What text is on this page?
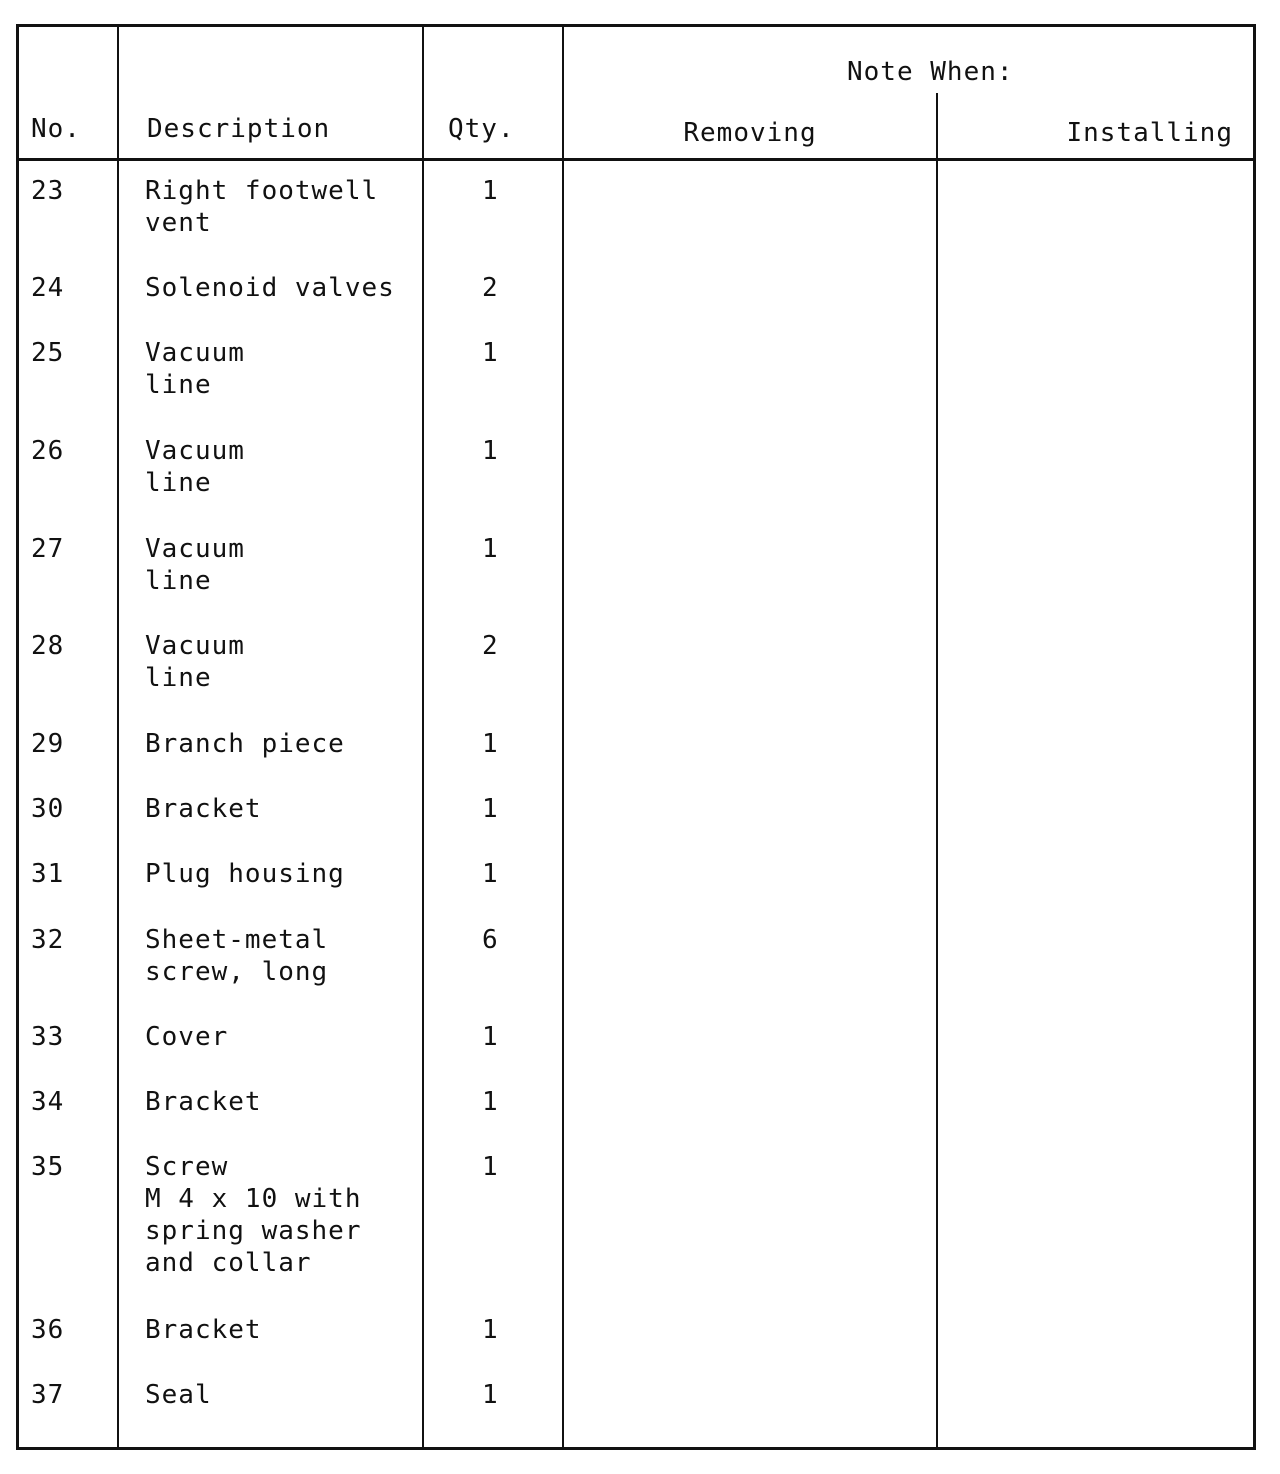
No.	Description	Qty.	Note When:	
			Removing	Installing
23	Right footwell
vent	1		
24	Solenoid valves	2		
25	Vacuum
line	1		
26	Vacuum
line	1		
27	Vacuum
line	1		
28	Vacuum
line	2		
29	Branch piece	1		
30	Bracket	1		
31	Plug housing	1		
32	Sheet-metal
screw, long	6		
33	Cover	1		
34	Bracket	1		
35	Screw
M 4 x 10 with
spring washer
and collar	1		
36	Bracket	1		
37	Seal	1		
